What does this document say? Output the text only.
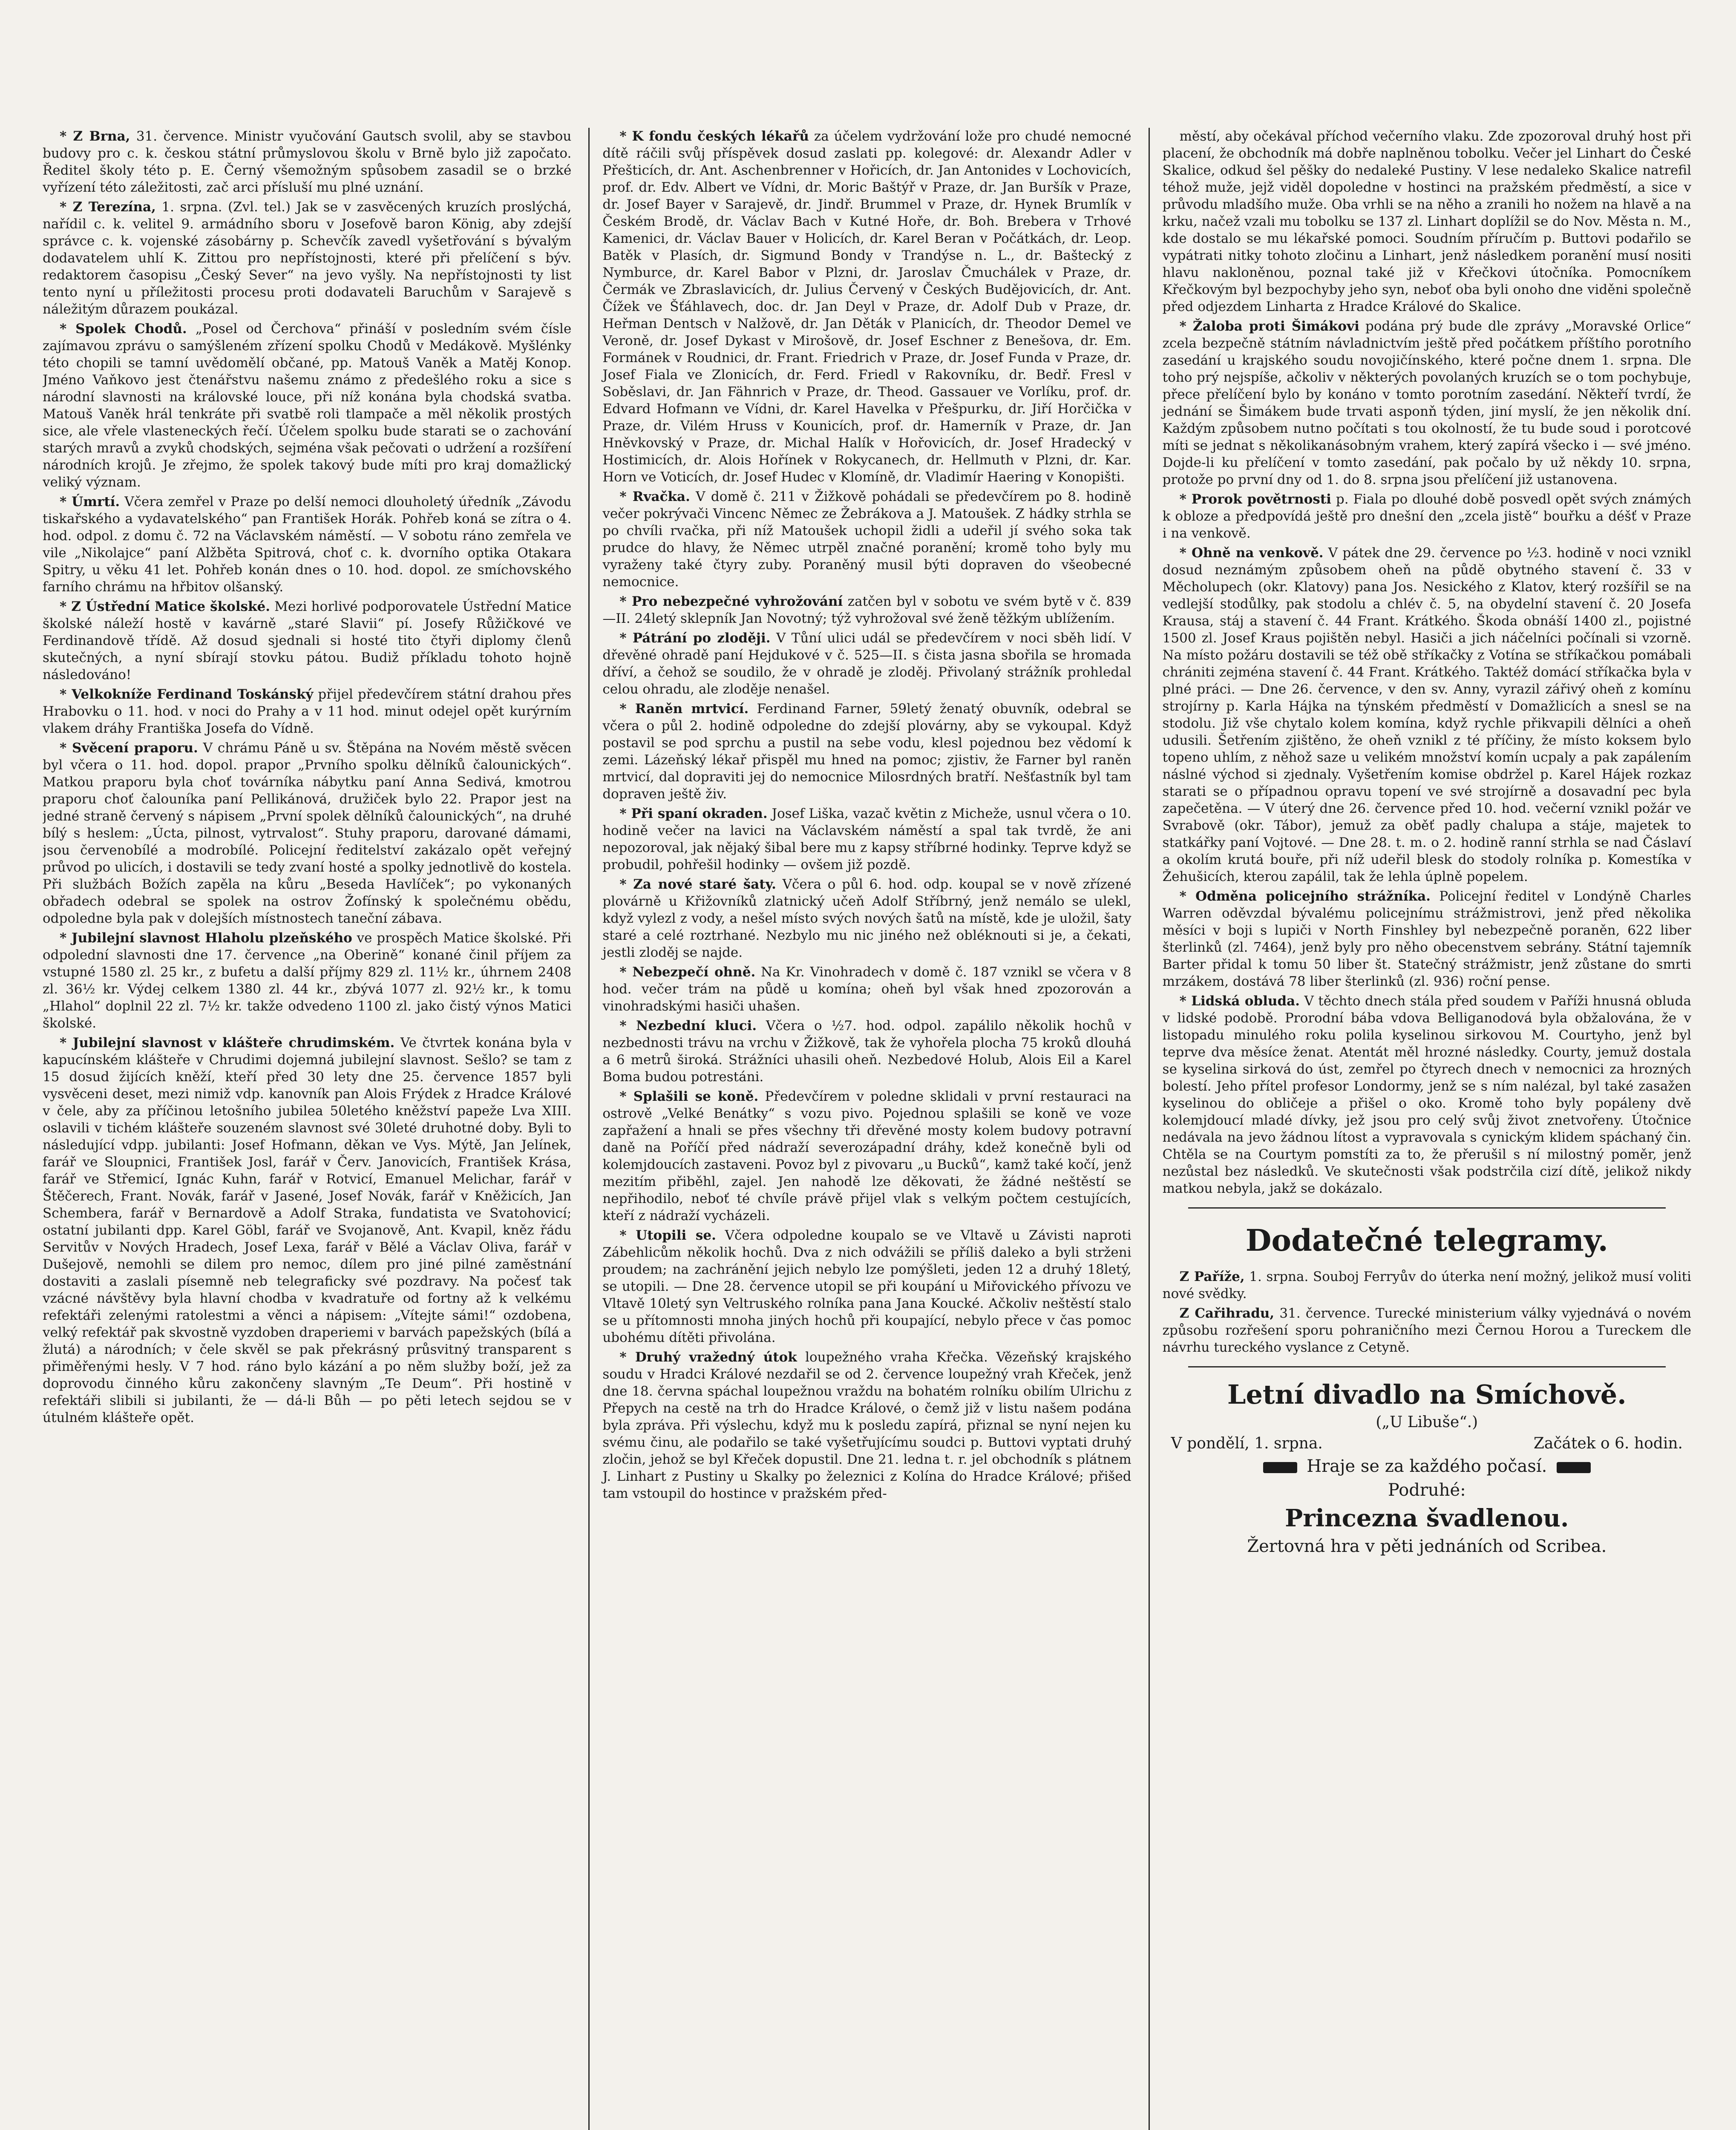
* Z Brna, 31. července. Ministr vyučování Gautsch svolil, aby se stavbou budovy pro c. k. českou státní průmyslovou školu v Brně bylo již započato. Ředitel školy této p. E. Černý všemožným spůsobem zasadil se o brzké vyřízení této záležitosti, zač arci přísluší mu plné uznání.

* Z Terezína, 1. srpna. (Zvl. tel.) Jak se v zasvěcených kruzích proslýchá, nařídil c. k. velitel 9. armádního sboru v Josefově baron König, aby zdejší správce c. k. vojenské zásobárny p. Schevčík zavedl vyšetřování s bývalým dodavatelem uhlí K. Zittou pro nepřístojnosti, které při přelíčení s býv. redaktorem časopisu „Český Sever“ na jevo vyšly. Na nepřístojnosti ty list tento nyní u příležitosti procesu proti dodavateli Baruchům v Sarajevě s náležitým důrazem poukázal.

* Spolek Chodů. „Posel od Čerchova“ přináší v posledním svém čísle zajímavou zprávu o samýšleném zřízení spolku Chodů v Medákově. Myšlénky této chopili se tamní uvědomělí občané, pp. Matouš Vaněk a Matěj Konop. Jméno Vaňkovo jest čtenářstvu našemu známo z předešlého roku a sice s národní slavnosti na královské louce, při níž konána byla chodská svatba. Matouš Vaněk hrál tenkráte při svatbě roli tlampače a měl několik prostých sice, ale vřele vlasteneckých řečí. Účelem spolku bude starati se o zachování starých mravů a zvyků chodských, sejména však pečovati o udržení a rozšíření národních krojů. Je zřejmo, že spolek takový bude míti pro kraj domažlický veliký význam.

* Úmrtí. Včera zemřel v Praze po delší nemoci dlouholetý úředník „Závodu tiskařského a vydavatelského“ pan František Horák. Pohřeb koná se zítra o 4. hod. odpol. z domu č. 72 na Václavském náměstí. — V sobotu ráno zemřela ve vile „Nikolajce“ paní Alžběta Spitrová, choť c. k. dvorního optika Otakara Spitry, u věku 41 let. Pohřeb konán dnes o 10. hod. dopol. ze smíchovského farního chrámu na hřbitov olšanský.

* Z Ústřední Matice školské. Mezi horlivé podporovatele Ústřední Matice školské náleží hostě v kavárně „staré Slavii“ pí. Josefy Růžičkové ve Ferdinandově třídě. Až dosud sjednali si hosté tito čtyři diplomy členů skutečných, a nyní sbírají stovku pátou. Budiž příkladu tohoto hojně následováno!

* Velkokníže Ferdinand Toskánský přijel předevčírem státní drahou přes Hrabovku o 11. hod. v noci do Prahy a v 11 hod. minut odejel opět kurýrním vlakem dráhy Františka Josefa do Vídně.

* Svěcení praporu. V chrámu Páně u sv. Štěpána na Novém městě svěcen byl včera o 11. hod. dopol. prapor „Prvního spolku dělníků čalounických“. Matkou praporu byla choť továrníka nábytku paní Anna Sedivá, kmotrou praporu choť čalouníka paní Pellikánová, družiček bylo 22. Prapor jest na jedné straně červený s nápisem „První spolek dělníků čalounických“, na druhé bílý s heslem: „Úcta, pilnost, vytrvalost“. Stuhy praporu, darované dámami, jsou červenobílé a modrobílé. Policejní ředitelství zakázalo opět veřejný průvod po ulicích, i dostavili se tedy zvaní hosté a spolky jednotlivě do kostela. Při službách Božích zapěla na kůru „Beseda Havlíček“; po vykonaných obřadech odebral se spolek na ostrov Žofínský k společnému obědu, odpoledne byla pak v dolejších místnostech taneční zábava.

* Jubilejní slavnost Hlaholu plzeňského ve prospěch Matice školské. Při odpolední slavnosti dne 17. července „na Oberině“ konané činil příjem za vstupné 1580 zl. 25 kr., z bufetu a další příjmy 829 zl. 11½ kr., úhrnem 2408 zl. 36½ kr. Výdej celkem 1380 zl. 44 kr., zbývá 1077 zl. 92½ kr., k tomu „Hlahol“ doplnil 22 zl. 7½ kr. takže odvedeno 1100 zl. jako čistý výnos Matici školské.

* Jubilejní slavnost v klášteře chrudimském. Ve čtvrtek konána byla v kapucínském klášteře v Chrudimi dojemná jubilejní slavnost. Sešlo? se tam z 15 dosud žijících kněží, kteří před 30 lety dne 25. července 1857 byli vysvěceni deset, mezi nimiž vdp. kanovník pan Alois Frýdek z Hradce Králové v čele, aby za příčinou letošního jubilea 50letého kněžství papeže Lva XIII. oslavili v tichém klášteře souzeném slavnost své 30leté druhotné doby. Byli to následující vdpp. jubilanti: Josef Hofmann, děkan ve Vys. Mýtě, Jan Jelínek, farář ve Sloupnici, František Josl, farář v Červ. Janovicích, František Krása, farář ve Střemicí, Ignác Kuhn, farář v Rotvicí, Emanuel Melichar, farář v Štěčerech, Frant. Novák, farář v Jasené, Josef Novák, farář v Kněžicích, Jan Schembera, farář v Bernardově a Adolf Straka, fundatista ve Svatohovicí; ostatní jubilanti dpp. Karel Göbl, farář ve Svojanově, Ant. Kvapil, kněz řádu Servitův v Nových Hradech, Josef Lexa, farář v Bělé a Václav Oliva, farář v Dušejově, nemohli se dilem pro nemoc, dílem pro jiné pilné zaměstnání dostaviti a zaslali písemně neb telegraficky své pozdravy. Na počesť tak vzácné návštěvy byla hlavní chodba v kvadratuře od fortny až k velkému refektáři zelenými ratolestmi a věnci a nápisem: „Vítejte sámi!“ ozdobena, velký refektář pak skvostně vyzdoben draperiemi v barvách papežských (bílá a žlutá) a národních; v čele skvěl se pak překrásný průsvitný transparent s přiměřenými hesly. V 7 hod. ráno bylo kázání a po něm služby boží, jež za doprovodu činného kůru zakončeny slavným „Te Deum“. Při hostině v refektáři slibili si jubilanti, že — dá-li Bůh — po pěti letech sejdou se v útulném klášteře opět.

* K fondu českých lékařů za účelem vydržování lože pro chudé nemocné dítě ráčili svůj příspěvek dosud zaslati pp. kolegové: dr. Alexandr Adler v Přešticích, dr. Ant. Aschenbrenner v Hořicích, dr. Jan Antonides v Lochovicích, prof. dr. Edv. Albert ve Vídni, dr. Moric Baštýř v Praze, dr. Jan Buršík v Praze, dr. Josef Bayer v Sarajevě, dr. Jindř. Brummel v Praze, dr. Hynek Brumlík v Českém Brodě, dr. Václav Bach v Kutné Hoře, dr. Boh. Brebera v Trhové Kamenici, dr. Václav Bauer v Holicích, dr. Karel Beran v Počátkách, dr. Leop. Batěk v Plasích, dr. Sigmund Bondy v Trandýse n. L., dr. Baštecký z Nymburce, dr. Karel Babor v Plzni, dr. Jaroslav Čmuchálek v Praze, dr. Čermák ve Zbraslavicích, dr. Julius Červený v Českých Budějovicích, dr. Ant. Čížek ve Šťáhlavech, doc. dr. Jan Deyl v Praze, dr. Adolf Dub v Praze, dr. Heřman Dentsch v Nalžově, dr. Jan Děták v Planicích, dr. Theodor Demel ve Veroně, dr. Josef Dykast v Mirošově, dr. Josef Eschner z Benešova, dr. Em. Formánek v Roudnici, dr. Frant. Friedrich v Praze, dr. Josef Funda v Praze, dr. Josef Fiala ve Zlonicích, dr. Ferd. Friedl v Rakovníku, dr. Bedř. Fresl v Soběslavi, dr. Jan Fähnrich v Praze, dr. Theod. Gassauer ve Vorlíku, prof. dr. Edvard Hofmann ve Vídni, dr. Karel Havelka v Přešpurku, dr. Jiří Horčička v Praze, dr. Vilém Hruss v Kounicích, prof. dr. Hamerník v Praze, dr. Jan Hněvkovský v Praze, dr. Michal Halík v Hořovicích, dr. Josef Hradecký v Hostimicích, dr. Alois Hořínek v Rokycanech, dr. Hellmuth v Plzni, dr. Kar. Horn ve Voticích, dr. Josef Hudec v Klomíně, dr. Vladimír Haering v Konopišti.

* Rvačka. V domě č. 211 v Žižkově pohádali se předevčírem po 8. hodině večer pokrývači Vincenc Němec ze Žebrákova a J. Matoušek. Z hádky strhla se po chvíli rvačka, při níž Matoušek uchopil židli a udeřil jí svého soka tak prudce do hlavy, že Němec utrpěl značné poranění; kromě toho byly mu vyraženy také čtyry zuby. Poraněný musil býti dopraven do všeobecné nemocnice.

* Pro nebezpečné vyhrožování zatčen byl v sobotu ve svém bytě v č. 839—II. 24letý sklepník Jan Novotný; týž vyhrožoval své ženě těžkým ublížením.

* Pátrání po zloději. V Tůní ulici udál se předevčírem v noci sběh lidí. V dřevěné ohradě paní Hejdukové v č. 525—II. s čista jasna sbořila se hromada dříví, a čehož se soudilo, že v ohradě je zloděj. Přivolaný strážník prohledal celou ohradu, ale zloděje nenašel.

* Raněn mrtvicí. Ferdinand Farner, 59letý ženatý obuvník, odebral se včera o půl 2. hodině odpoledne do zdejší plovárny, aby se vykoupal. Když postavil se pod sprchu a pustil na sebe vodu, klesl pojednou bez vědomí k zemi. Lázeňský lékař přispěl mu hned na pomoc; zjistiv, že Farner byl raněn mrtvicí, dal dopraviti jej do nemocnice Milosrdných bratří. Nešťastník byl tam dopraven ještě živ.

* Při spaní okraden. Josef Liška, vazač květin z Micheže, usnul včera o 10. hodině večer na lavici na Václavském náměstí a spal tak tvrdě, že ani nepozoroval, jak nějaký šibal bere mu z kapsy stříbrné hodinky. Teprve když se probudil, pohřešil hodinky — ovšem již pozdě.

* Za nové staré šaty. Včera o půl 6. hod. odp. koupal se v nově zřízené plovárně u Křižovníků zlatnický učeň Adolf Stříbrný, jenž nemálo se ulekl, když vylezl z vody, a nešel místo svých nových šatů na místě, kde je uložil, šaty staré a celé roztrhané. Nezbylo mu nic jiného než obléknouti si je, a čekati, jestli zloděj se najde.

* Nebezpečí ohně. Na Kr. Vinohradech v domě č. 187 vznikl se včera v 8 hod. večer trám na půdě u komína; oheň byl však hned zpozorován a vinohradskými hasiči uhašen.

* Nezbední kluci. Včera o ½7. hod. odpol. zapálilo několik hochů v nezbednosti trávu na vrchu v Žižkově, tak že vyhořela plocha 75 kroků dlouhá a 6 metrů široká. Strážníci uhasili oheň. Nezbedové Holub, Alois Eil a Karel Boma budou potrestáni.

* Splašili se koně. Předevčírem v poledne sklidali v první restauraci na ostrově „Velké Benátky“ s vozu pivo. Pojednou splašili se koně ve voze zapřažení a hnali se přes všechny tři dřevěné mosty kolem budovy potravní daně na Poříčí před nádraží severozápadní dráhy, kdež konečně byli od kolemjdoucích zastaveni. Povoz byl z pivovaru „u Bucků“, kamž také kočí, jenž mezitím přiběhl, zajel. Jen nahodě lze děkovati, že žádné neštěstí se nepřihodilo, neboť té chvíle právě přijel vlak s velkým počtem cestujících, kteří z nádraží vycházeli.

* Utopili se. Včera odpoledne koupalo se ve Vltavě u Závisti naproti Zábehlicům několik hochů. Dva z nich odvážili se příliš daleko a byli strženi proudem; na zachránění jejich nebylo lze pomýšleti, jeden 12 a druhý 18letý, se utopili. — Dne 28. července utopil se při koupání u Miřovického přívozu ve Vltavě 10letý syn Veltruského rolníka pana Jana Koucké. Ačkoliv neštěstí stalo se u přítomnosti mnoha jiných hochů při koupající, nebylo přece v čas pomoc ubohému dítěti přivolána.

* Druhý vražedný útok loupežného vraha Křečka. Vězeňský krajského soudu v Hradci Králové nezdařil se od 2. července loupežný vrah Křeček, jenž dne 18. června spáchal loupežnou vraždu na bohatém rolníku obilím Ulrichu z Přepych na cestě na trh do Hradce Králové, o čemž již v listu našem podána byla zpráva. Při výslechu, když mu k posledu zapírá, přiznal se nyní nejen ku svému činu, ale podařilo se také vyšetřujícímu soudci p. Buttovi vyptati druhý zločin, jehož se byl Křeček dopustil. Dne 21. ledna t. r. jel obchodník s plátnem J. Linhart z Pustiny u Skalky po železnici z Kolína do Hradce Králové; přišed tam vstoupil do hostince v pražském před-

městí, aby očekával příchod večerního vlaku. Zde zpozoroval druhý host při placení, že obchodník má dobře naplněnou tobolku. Večer jel Linhart do České Skalice, odkud šel pěšky do nedaleké Pustiny. V lese nedaleko Skalice natrefil téhož muže, jejž viděl dopoledne v hostinci na pražském předměstí, a sice v průvodu mladšího muže. Oba vrhli se na něho a zranili ho nožem na hlavě a na krku, načež vzali mu tobolku se 137 zl. Linhart doplížil se do Nov. Města n. M., kde dostalo se mu lékařské pomoci. Soudním příručím p. Buttovi podařilo se vypátrati nitky tohoto zločinu a Linhart, jenž následkem poranění musí nositi hlavu nakloněnou, poznal také již v Křečkovi útočníka. Pomocníkem Křečkovým byl bezpochyby jeho syn, neboť oba byli onoho dne viděni společně před odjezdem Linharta z Hradce Králové do Skalice.

* Žaloba proti Šimákovi podána prý bude dle zprávy „Moravské Orlice“ zcela bezpečně státním návladnictvím ještě před počátkem příštího porotního zasedání u krajského soudu novojičínského, které počne dnem 1. srpna. Dle toho prý nejspíše, ačkoliv v některých povolaných kruzích se o tom pochybuje, přece přelíčení bylo by konáno v tomto porotním zasedání. Někteří tvrdí, že jednání se Šimákem bude trvati asponň týden, jiní myslí, že jen několik dní. Každým způsobem nutno počítati s tou okolností, že tu bude soud i porotcové míti se jednat s několikanásobným vrahem, který zapírá všecko i — své jméno. Dojde-li ku přelíčení v tomto zasedání, pak počalo by už někdy 10. srpna, protože po první dny od 1. do 8. srpna jsou přelíčení již ustanovena.

* Prorok povětrnosti p. Fiala po dlouhé době posvedl opět svých známých k obloze a předpovídá ještě pro dnešní den „zcela jistě“ bouřku a déšť v Praze i na venkově.

* Ohně na venkově. V pátek dne 29. července po ½3. hodině v noci vznikl dosud neznámým způsobem oheň na půdě obytného stavení č. 33 v Měcholupech (okr. Klatovy) pana Jos. Nesického z Klatov, který rozšířil se na vedlejší stodůlky, pak stodolu a chlév č. 5, na obydelní stavení č. 20 Josefa Krausa, stáj a stavení č. 44 Frant. Krátkého. Škoda obnáší 1400 zl., pojistné 1500 zl. Josef Kraus pojištěn nebyl. Hasiči a jich náčelníci počínali si vzorně. Na místo požáru dostavili se též obě stříkačky z Votína se stříkačkou pomábali chrániti zejména stavení č. 44 Frant. Krátkého. Taktéž domácí stříkačka byla v plné práci. — Dne 26. července, v den sv. Anny, vyrazil zářivý oheň z komínu strojírny p. Karla Hájka na týnském předměstí v Domažlicích a snesl se na stodolu. Již vše chytalo kolem komína, když rychle přikvapili dělníci a oheň udusili. Šetřením zjištěno, že oheň vznikl z té příčiny, že místo koksem bylo topeno uhlím, z něhož saze u velikém množství komín ucpaly a pak zapálením náslné východ si zjednaly. Vyšetřením komise obdržel p. Karel Hájek rozkaz starati se o případnou opravu topení ve své strojírně a dosavadní pec byla zapečetěna. — V úterý dne 26. července před 10. hod. večerní vznikl požár ve Svrabově (okr. Tábor), jemuž za oběť padly chalupa a stáje, majetek to statkářky paní Vojtové. — Dne 28. t. m. o 2. hodině ranní strhla se nad Čáslaví a okolím krutá bouře, při níž udeřil blesk do stodoly rolníka p. Komestíka v Žehušicích, kterou zapálil, tak že lehla úplně popelem.

* Odměna policejního strážníka. Policejní ředitel v Londýně Charles Warren oděvzdal bývalému policejnímu strážmistrovi, jenž před několika měsíci v boji s lupiči v North Finshley byl nebezpečně poraněn, 622 liber šterlinků (zl. 7464), jenž byly pro něho obecenstvem sebrány. Státní tajemník Barter přidal k tomu 50 liber št. Statečný strážmistr, jenž zůstane do smrti mrzákem, dostává 78 liber šterlinků (zl. 936) roční pense.

* Lidská obluda. V těchto dnech stála před soudem v Paříži hnusná obluda v lidské podobě. Prorodní bába vdova Belliganodová byla obžalována, že v listopadu minulého roku polila kyselinou sirkovou M. Courtyho, jenž byl teprve dva měsíce ženat. Atentát měl hrozné následky. Courty, jemuž dostala se kyselina sirková do úst, zemřel po čtyrech dnech v nemocnici za hrozných bolestí. Jeho přítel profesor Londormy, jenž se s ním nalézal, byl také zasažen kyselinou do obličeje a přišel o oko. Kromě toho byly popáleny dvě kolemjdoucí mladé dívky, jež jsou pro celý svůj život znetvořeny. Útočnice nedávala na jevo žádnou lítost a vypravovala s cynickým klidem spáchaný čin. Chtěla se na Courtym pomstíti za to, že přerušil s ní milostný poměr, jenž nezůstal bez následků. Ve skutečnosti však podstrčila cizí dítě, jelikož nikdy matkou nebyla, jakž se dokázalo.

Dodatečné telegramy.

Z Paříže, 1. srpna. Souboj Ferryův do úterka není možný, jelikož musí voliti nové svědky.

Z Cařihradu, 31. července. Turecké ministerium války vyjednává o novém způsobu rozřešení sporu pohraničního mezi Černou Horou a Tureckem dle návrhu tureckého vyslance z Cetyně.

Letní divadlo na Smíchově.
(„U Libuše“.)
V pondělí, 1. srpna.	Začátek o 6. hodin.
Hraje se za každého počasí.
Podruhé:
Princezna švadlenou.
Žertovná hra v pěti jednáních od Scribea.
